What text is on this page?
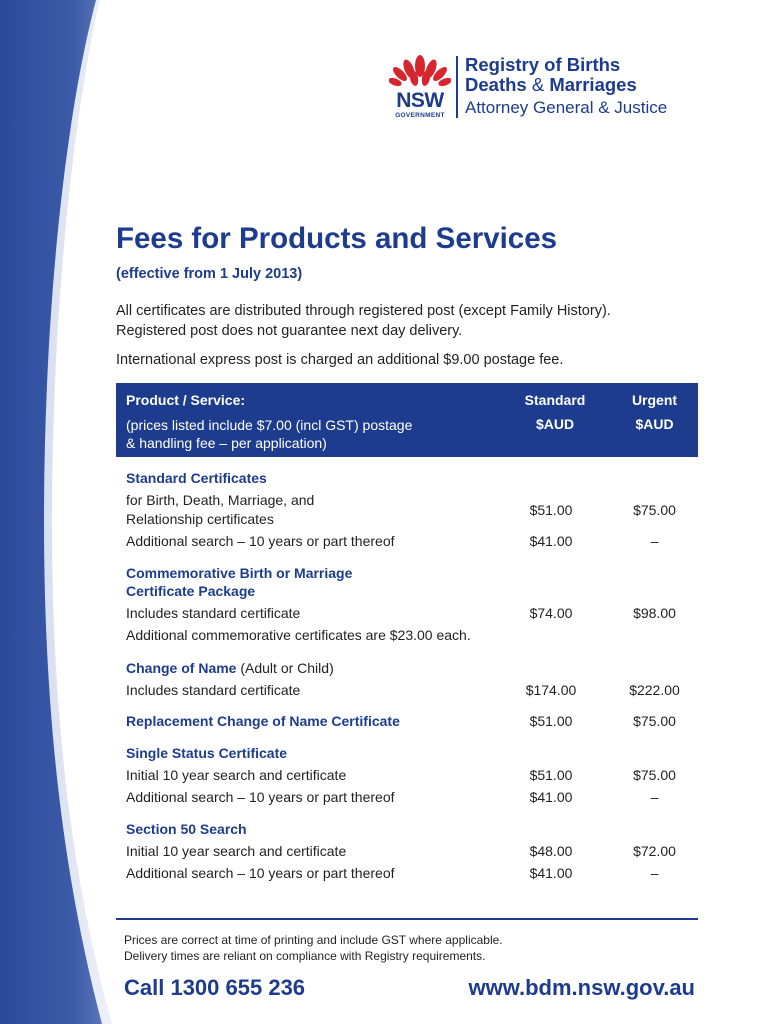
NSW
GOVERNMENT
Registry of Births
Deaths & Marriages
Attorney General & Justice
Fees for Products and Services
(effective from 1 July 2013)
All certificates are distributed through registered post (except Family History).
Registered post does not guarantee next day delivery.
International express post is charged an additional $9.00 postage fee.
Product / Service:
(prices listed include $7.00 (incl GST) postage
& handling fee – per application)
Standard	Urgent
$AUD	$AUD
Standard Certificates
for Birth, Death, Marriage, and
Relationship certificates
$51.00	$75.00
Additional search – 10 years or part thereof	$41.00	–
Commemorative Birth or Marriage
Certificate Package
Includes standard certificate	$74.00	$98.00
Additional commemorative certificates are $23.00 each.
Change of Name (Adult or Child)
Includes standard certificate	$174.00	$222.00
Replacement Change of Name Certificate	$51.00	$75.00
Single Status Certificate
Initial 10 year search and certificate	$51.00	$75.00
Additional search – 10 years or part thereof	$41.00	–
Section 50 Search
Initial 10 year search and certificate	$48.00	$72.00
Additional search – 10 years or part thereof	$41.00	–
Prices are correct at time of printing and include GST where applicable.
Delivery times are reliant on compliance with Registry requirements.
Call 1300 655 236	www.bdm.nsw.gov.au
